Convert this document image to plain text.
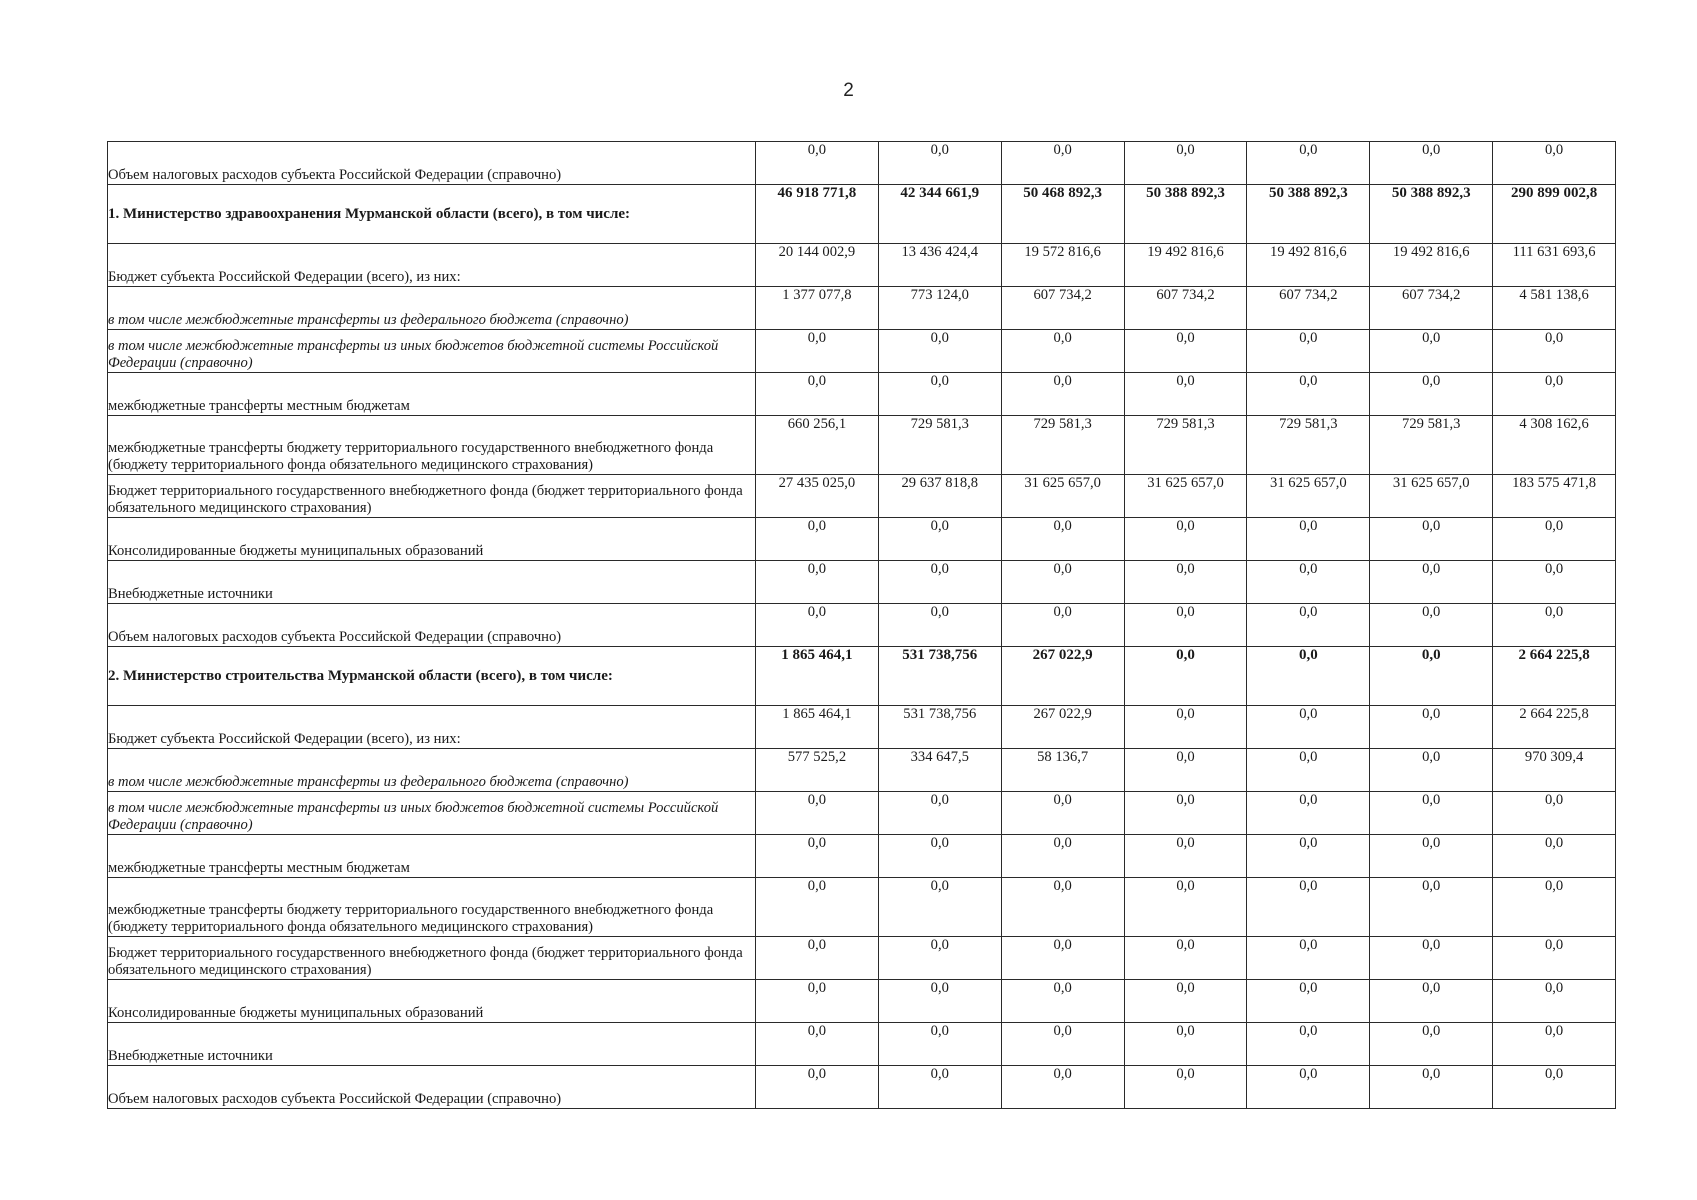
2
Объем налоговых расходов субъекта Российской Федерации (справочно)	0,0	0,0	0,0	0,0	0,0	0,0	0,0
1. Министерство здравоохранения Мурманской области (всего), в том числе:	46 918 771,8	42 344 661,9	50 468 892,3	50 388 892,3	50 388 892,3	50 388 892,3	290 899 002,8
Бюджет субъекта Российской Федерации (всего), из них:	20 144 002,9	13 436 424,4	19 572 816,6	19 492 816,6	19 492 816,6	19 492 816,6	111 631 693,6
в том числе межбюджетные трансферты из федерального бюджета (справочно)	1 377 077,8	773 124,0	607 734,2	607 734,2	607 734,2	607 734,2	4 581 138,6
в том числе межбюджетные трансферты из иных бюджетов бюджетной системы Российской Федерации (справочно)	0,0	0,0	0,0	0,0	0,0	0,0	0,0
межбюджетные трансферты местным бюджетам	0,0	0,0	0,0	0,0	0,0	0,0	0,0
межбюджетные трансферты бюджету территориального государственного внебюджетного фонда (бюджету территориального фонда обязательного медицинского страхования)	660 256,1	729 581,3	729 581,3	729 581,3	729 581,3	729 581,3	4 308 162,6
Бюджет территориального государственного внебюджетного фонда (бюджет территориального фонда обязательного медицинского страхования)	27 435 025,0	29 637 818,8	31 625 657,0	31 625 657,0	31 625 657,0	31 625 657,0	183 575 471,8
Консолидированные бюджеты муниципальных образований	0,0	0,0	0,0	0,0	0,0	0,0	0,0
Внебюджетные источники	0,0	0,0	0,0	0,0	0,0	0,0	0,0
Объем налоговых расходов субъекта Российской Федерации (справочно)	0,0	0,0	0,0	0,0	0,0	0,0	0,0
2. Министерство строительства Мурманской области (всего), в том числе:	1 865 464,1	531 738,756	267 022,9	0,0	0,0	0,0	2 664 225,8
Бюджет субъекта Российской Федерации (всего), из них:	1 865 464,1	531 738,756	267 022,9	0,0	0,0	0,0	2 664 225,8
в том числе межбюджетные трансферты из федерального бюджета (справочно)	577 525,2	334 647,5	58 136,7	0,0	0,0	0,0	970 309,4
в том числе межбюджетные трансферты из иных бюджетов бюджетной системы Российской Федерации (справочно)	0,0	0,0	0,0	0,0	0,0	0,0	0,0
межбюджетные трансферты местным бюджетам	0,0	0,0	0,0	0,0	0,0	0,0	0,0
межбюджетные трансферты бюджету территориального государственного внебюджетного фонда (бюджету территориального фонда обязательного медицинского страхования)	0,0	0,0	0,0	0,0	0,0	0,0	0,0
Бюджет территориального государственного внебюджетного фонда (бюджет территориального фонда обязательного медицинского страхования)	0,0	0,0	0,0	0,0	0,0	0,0	0,0
Консолидированные бюджеты муниципальных образований	0,0	0,0	0,0	0,0	0,0	0,0	0,0
Внебюджетные источники	0,0	0,0	0,0	0,0	0,0	0,0	0,0
Объем налоговых расходов субъекта Российской Федерации (справочно)	0,0	0,0	0,0	0,0	0,0	0,0	0,0
